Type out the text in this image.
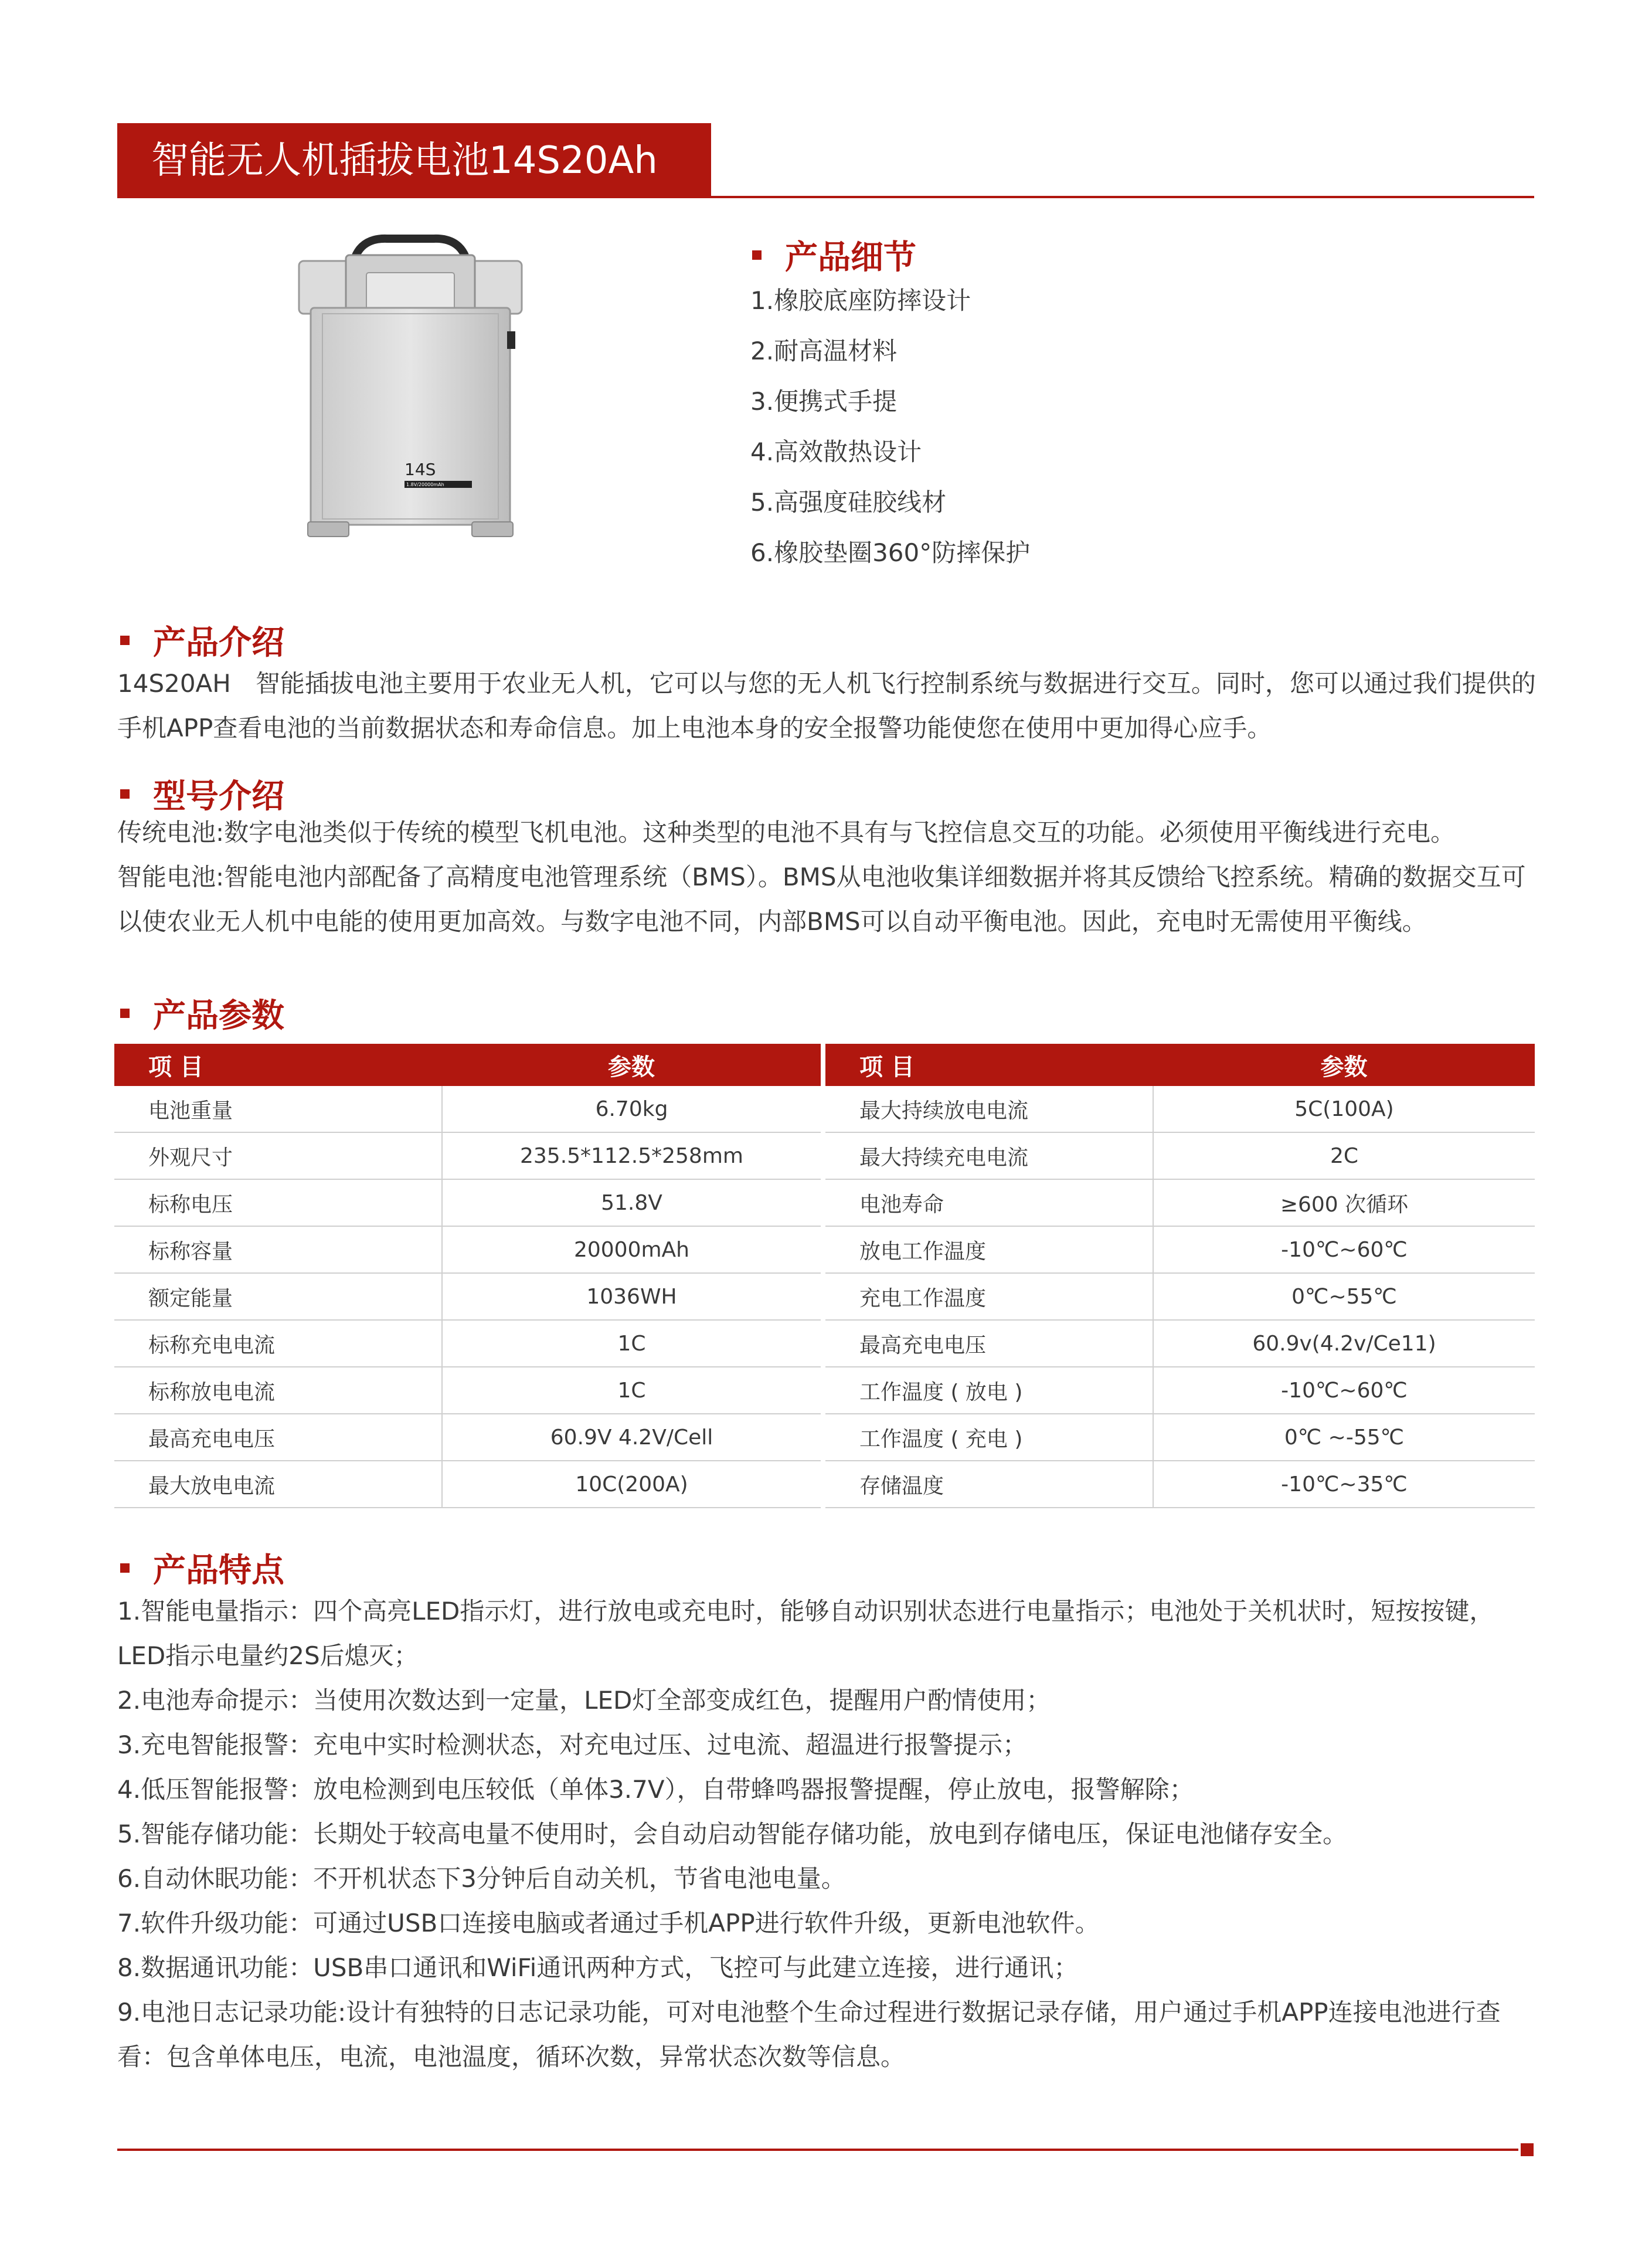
智能无人机插拔电池14S20Ah
14S
1.8V/20000mAh
产品细节
1.橡胶底座防摔设计
2.耐高温材料
3.便携式手提
4.高效散热设计
5.高强度硅胶线材
6.橡胶垫圈360°防摔保护
产品介绍
14S20AH　智能插拔电池主要用于农业无人机，它可以与您的无人机飞行控制系统与数据进行交互。同时，您可以通过我们提供的手机APP查看电池的当前数据状态和寿命信息。加上电池本身的安全报警功能使您在使用中更加得心应手。
型号介绍

传统电池:数字电池类似于传统的模型飞机电池。这种类型的电池不具有与飞控信息交互的功能。必须使用平衡线进行充电。

智能电池:智能电池内部配备了高精度电池管理系统（BMS）。BMS从电池收集详细数据并将其反馈给飞控系统。精确的数据交互可以使农业无人机中电能的使用更加高效。与数字电池不同，内部BMS可以自动平衡电池。因此，充电时无需使用平衡线。

产品参数
项 目	参数
电池重量	6.70kg
外观尺寸	235.5*112.5*258mm
标称电压	51.8V
标称容量	20000mAh
额定能量	1036WH
标称充电电流	1C
标称放电电流	1C
最高充电电压	60.9V 4.2V/Cell
最大放电电流	10C(200A)
项 目	参数
最大持续放电电流	5C(100A)
最大持续充电电流	2C
电池寿命	≥600 次循环
放电工作温度	-10℃~60℃
充电工作温度	0℃~55℃
最高充电电压	60.9v(4.2v/Ce11)
工作温度 ( 放电 )	-10℃~60℃
工作温度 ( 充电 )	0℃ ~-55℃
存储温度	-10℃~35℃
产品特点

1.智能电量指示：四个高亮LED指示灯，进行放电或充电时，能够自动识别状态进行电量指示；电池处于关机状时，短按按键，LED指示电量约2S后熄灭；

2.电池寿命提示：当使用次数达到一定量，LED灯全部变成红色，提醒用户酌情使用；

3.充电智能报警：充电中实时检测状态，对充电过压、过电流、超温进行报警提示；

4.低压智能报警：放电检测到电压较低（单体3.7V），自带蜂鸣器报警提醒，停止放电，报警解除；

5.智能存储功能：长期处于较高电量不使用时，会自动启动智能存储功能，放电到存储电压，保证电池储存安全。

6.自动休眠功能：不开机状态下3分钟后自动关机，节省电池电量。

7.软件升级功能：可通过USB口连接电脑或者通过手机APP进行软件升级，更新电池软件。

8.数据通讯功能：USB串口通讯和WiFi通讯两种方式，飞控可与此建立连接，进行通讯；

9.电池日志记录功能:设计有独特的日志记录功能，可对电池整个生命过程进行数据记录存储，用户通过手机APP连接电池进行查看：包含单体电压，电流，电池温度，循环次数，异常状态次数等信息。
